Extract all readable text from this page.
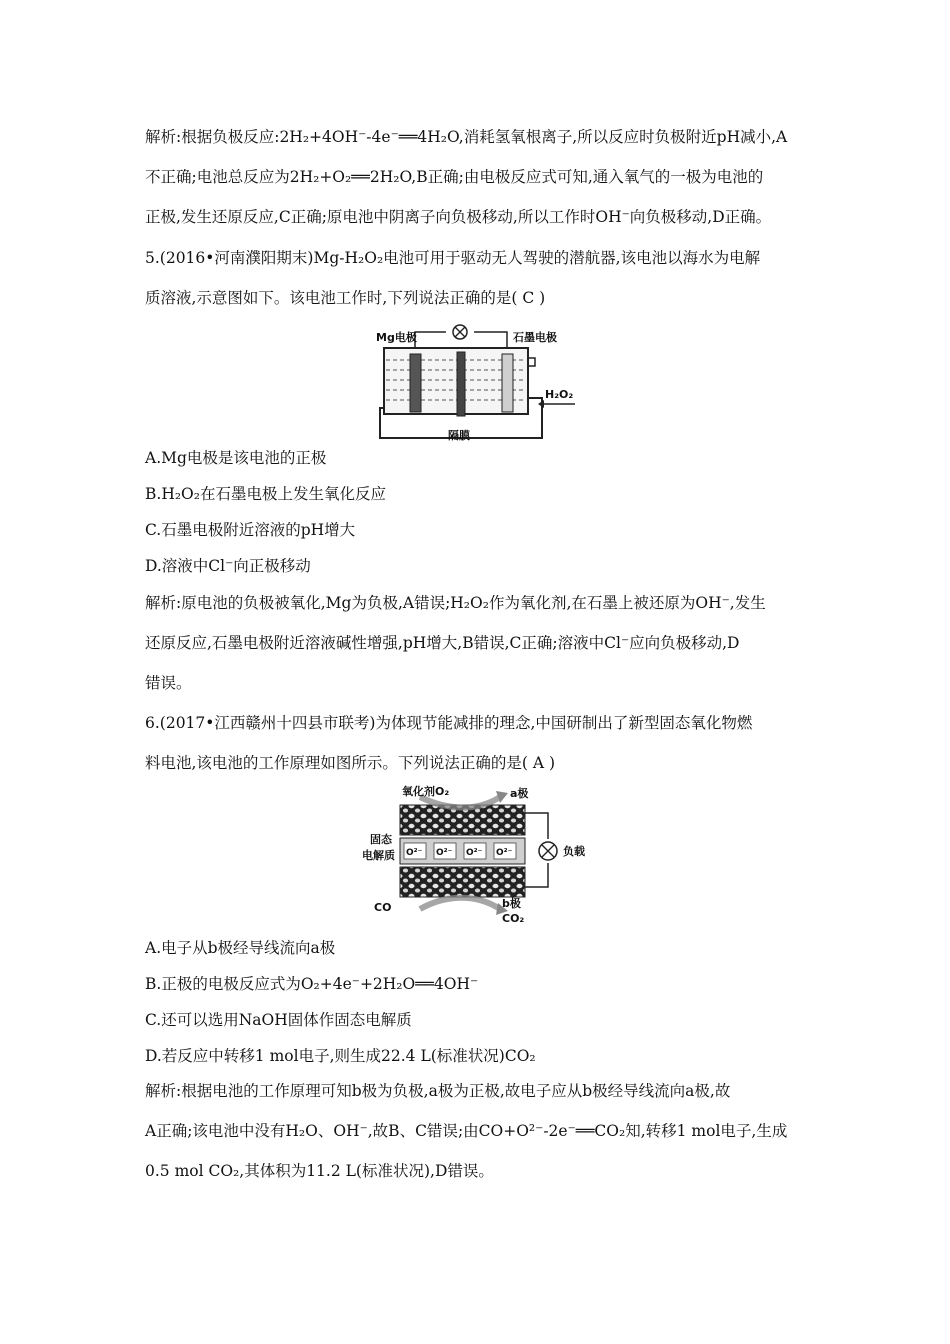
解析:根据负极反应:2H₂+4OH⁻-4e⁻══4H₂O,消耗氢氧根离子,所以反应时负极附近pH减小,A
不正确;电池总反应为2H₂+O₂══2H₂O,B正确;由电极反应式可知,通入氧气的一极为电池的
正极,发生还原反应,C正确;原电池中阴离子向负极移动,所以工作时OH⁻向负极移动,D正确。
5.(2016•河南濮阳期末)Mg-H₂O₂电池可用于驱动无人驾驶的潜航器,该电池以海水为电解
质溶液,示意图如下。该电池工作时,下列说法正确的是( C )
Mg电极	石墨电极
H₂O₂
隔膜
A.Mg电极是该电池的正极
B.H₂O₂在石墨电极上发生氧化反应
C.石墨电极附近溶液的pH增大
D.溶液中Cl⁻向正极移动
解析:原电池的负极被氧化,Mg为负极,A错误;H₂O₂作为氧化剂,在石墨上被还原为OH⁻,发生
还原反应,石墨电极附近溶液碱性增强,pH增大,B错误,C正确;溶液中Cl⁻应向负极移动,D
错误。
6.(2017•江西赣州十四县市联考)为体现节能减排的理念,中国研制出了新型固态氧化物燃
料电池,该电池的工作原理如图所示。下列说法正确的是( A )
O²⁻ O²⁻ O²⁻ O²⁻
氧化剂O₂	a极
固态
电解质	负载
CO	b极
CO₂
A.电子从b极经导线流向a极
B.正极的电极反应式为O₂+4e⁻+2H₂O══4OH⁻
C.还可以选用NaOH固体作固态电解质
D.若反应中转移1 mol电子,则生成22.4 L(标准状况)CO₂
解析:根据电池的工作原理可知b极为负极,a极为正极,故电子应从b极经导线流向a极,故
A正确;该电池中没有H₂O、OH⁻,故B、C错误;由CO+O²⁻-2e⁻══CO₂知,转移1 mol电子,生成
0.5 mol CO₂,其体积为11.2 L(标准状况),D错误。
